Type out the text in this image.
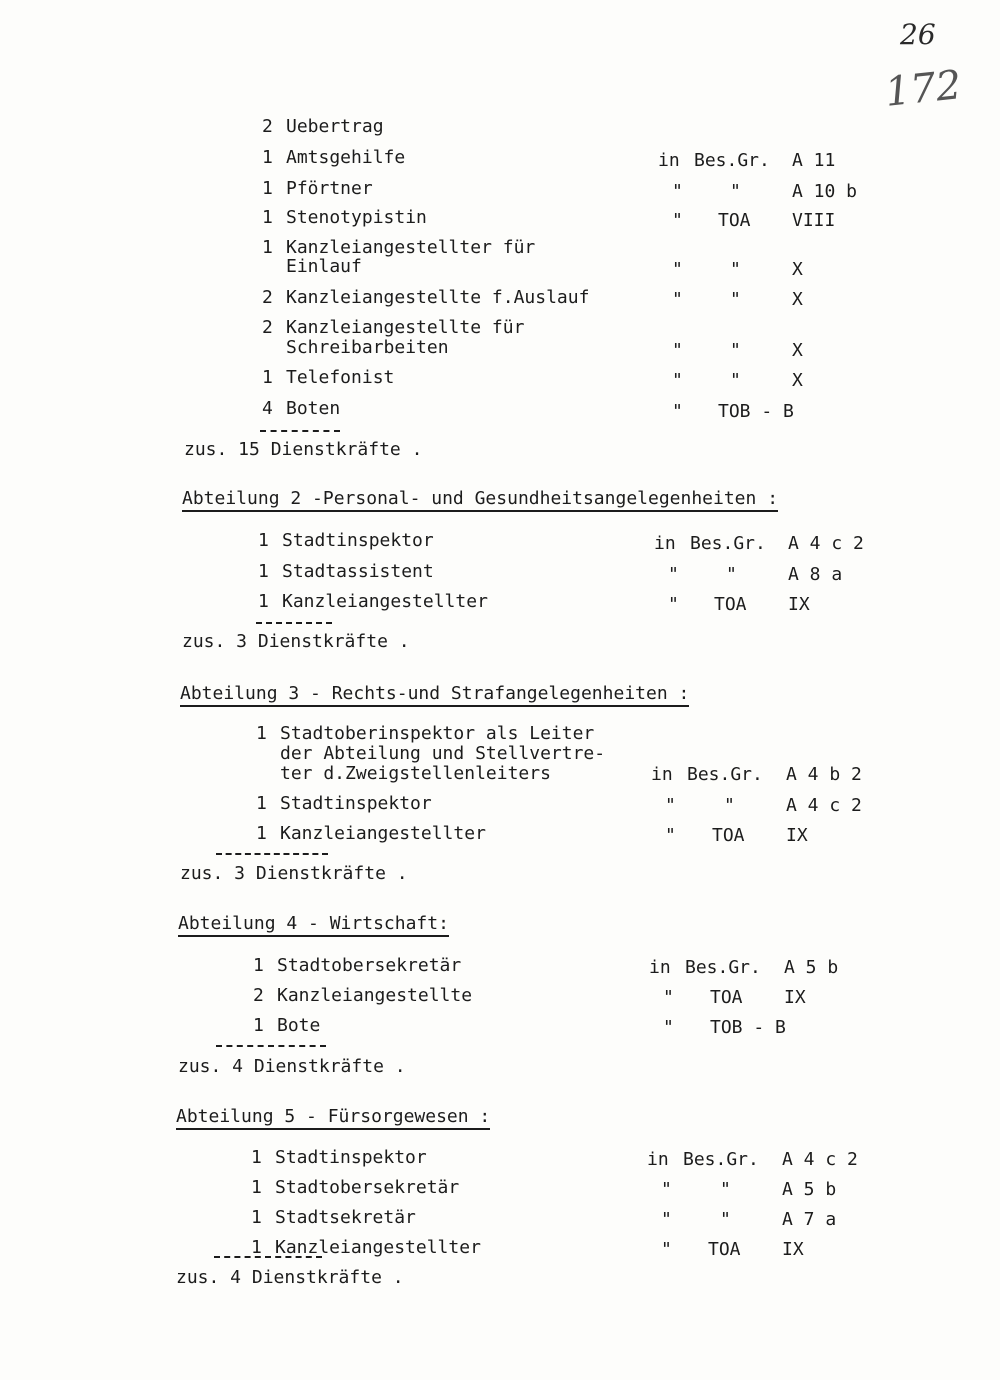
26
172
2 Uebertrag
1 Amtsgehilfe	in Bes.Gr. A 11
1 Pförtner	"	"	A 10 b
1 Stenotypistin	" TOA VIII
1 Kanzleiangestellter für
Einlauf	"	"	X
2 Kanzleiangestellte f.Auslauf	"	"	X
2 Kanzleiangestellte für
Schreibarbeiten	"	"	X
1 Telefonist	"	"	X
4 Boten	" TOB - B
zus. 15 Dienstkräfte .
Abteilung 2 -Personal- und Gesundheitsangelegenheiten :
1 Stadtinspektor	in Bes.Gr. A 4 c 2
1 Stadtassistent	"	"	A 8 a
1 Kanzleiangestellter	" TOA IX
zus. 3 Dienstkräfte .
Abteilung 3 - Rechts-und Strafangelegenheiten :
1 Stadtoberinspektor als Leiter
der Abteilung und Stellvertre-
ter d.Zweigstellenleiters	in Bes.Gr. A 4 b 2
1 Stadtinspektor	"	"	A 4 c 2
1 Kanzleiangestellter	" TOA IX
zus. 3 Dienstkräfte .
Abteilung 4 - Wirtschaft:
1 Stadtobersekretär	in Bes.Gr. A 5 b
2 Kanzleiangestellte	" TOA IX
1 Bote	" TOB - B
zus. 4 Dienstkräfte .
Abteilung 5 - Fürsorgewesen :
1 Stadtinspektor	in Bes.Gr. A 4 c 2
1 Stadtobersekretär	"	"	A 5 b
1 Stadtsekretär	"	"	A 7 a
1 Kanzleiangestellter	" TOA IX
zus. 4 Dienstkräfte .
